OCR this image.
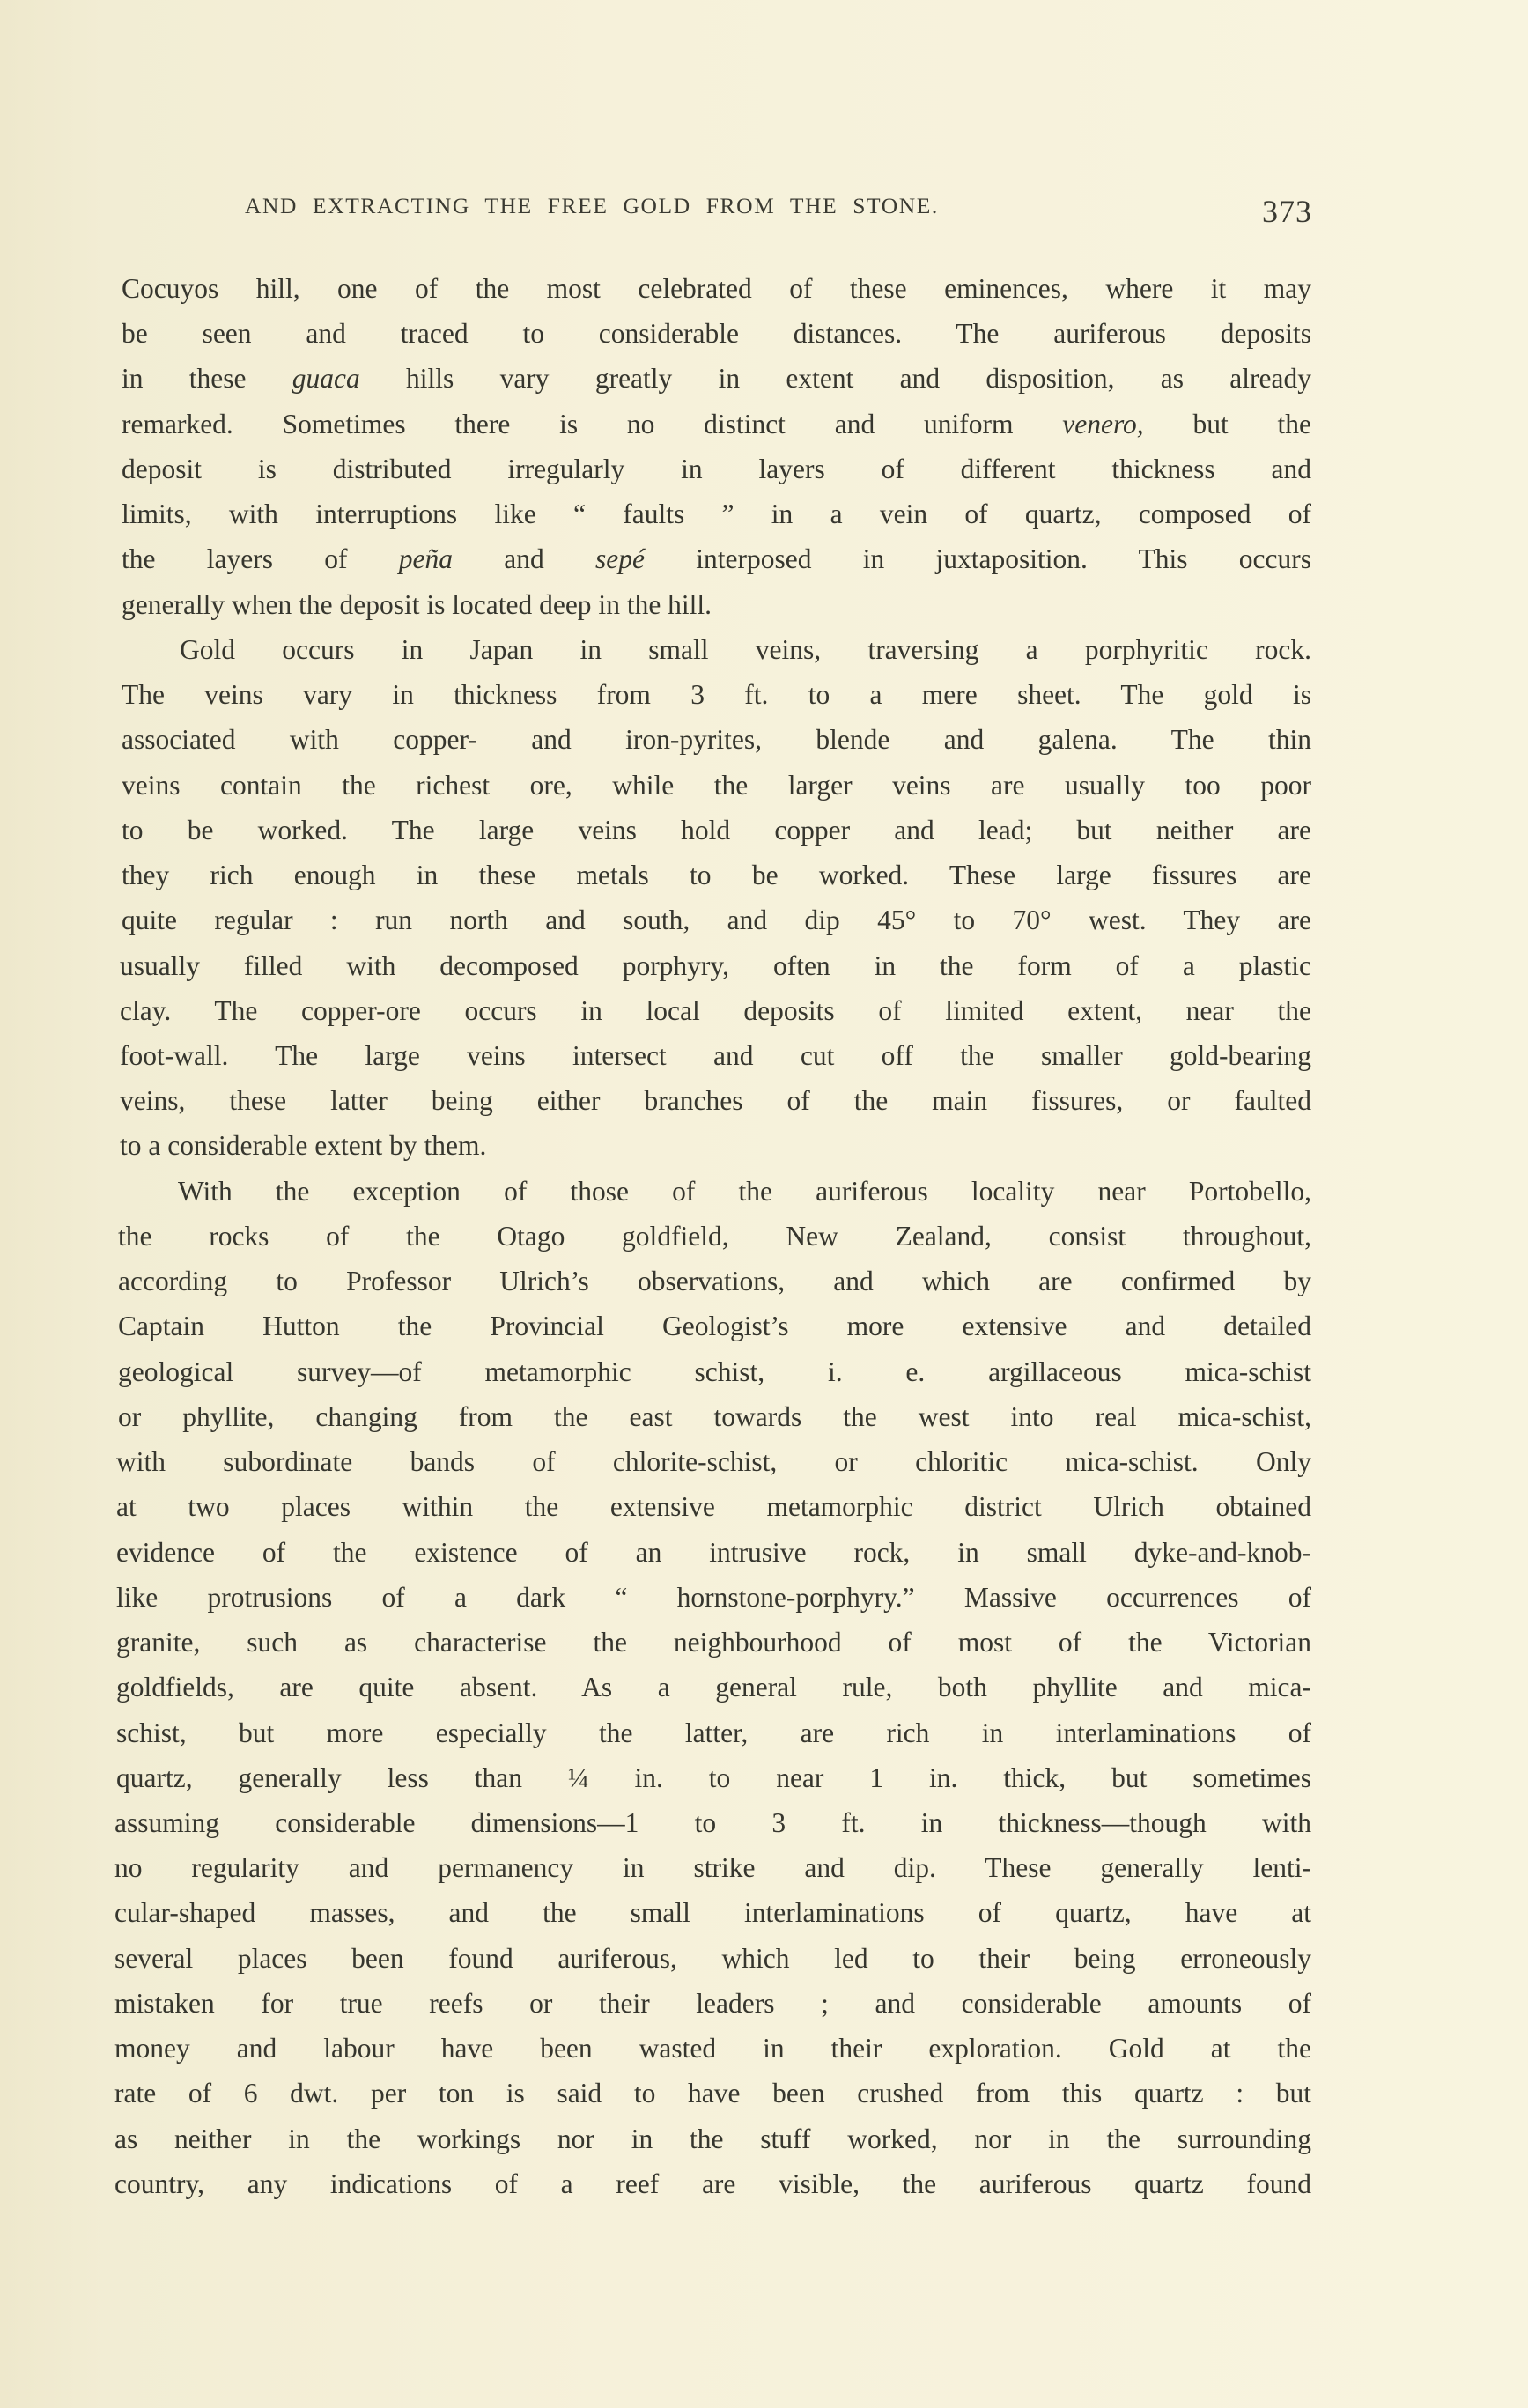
AND EXTRACTING THE FREE GOLD FROM THE STONE.	373
Cocuyos hill, one of the most celebrated of these eminences, where it may
be seen and traced to considerable distances. The auriferous deposits
in these guaca hills vary greatly in extent and disposition, as already
remarked. Sometimes there is no distinct and uniform venero, but the
deposit is distributed irregularly in layers of different thickness and
limits, with interruptions like “ faults ” in a vein of quartz, composed of
the layers of peña and sepé interposed in juxtaposition. This occurs
generally when the deposit is located deep in the hill.
Gold occurs in Japan in small veins, traversing a porphyritic rock.
The veins vary in thickness from 3 ft. to a mere sheet. The gold is
associated with copper- and iron-pyrites, blende and galena. The thin
veins contain the richest ore, while the larger veins are usually too poor
to be worked. The large veins hold copper and lead; but neither are
they rich enough in these metals to be worked. These large fissures are
quite regular : run north and south, and dip 45° to 70° west. They are
usually filled with decomposed porphyry, often in the form of a plastic
clay. The copper-ore occurs in local deposits of limited extent, near the
foot-wall. The large veins intersect and cut off the smaller gold-bearing
veins, these latter being either branches of the main fissures, or faulted
to a considerable extent by them.
With the exception of those of the auriferous locality near Portobello,
the rocks of the Otago goldfield, New Zealand, consist throughout,
according to Professor Ulrich’s observations, and which are confirmed by
Captain Hutton the Provincial Geologist’s more extensive and detailed
geological survey—of metamorphic schist, i. e. argillaceous mica-schist
or phyllite, changing from the east towards the west into real mica-schist,
with subordinate bands of chlorite-schist, or chloritic mica-schist. Only
at two places within the extensive metamorphic district Ulrich obtained
evidence of the existence of an intrusive rock, in small dyke-and-knob-
like protrusions of a dark “ hornstone-porphyry.” Massive occurrences of
granite, such as characterise the neighbourhood of most of the Victorian
goldfields, are quite absent. As a general rule, both phyllite and mica-
schist, but more especially the latter, are rich in interlaminations of
quartz, generally less than ¼ in. to near 1 in. thick, but sometimes
assuming considerable dimensions—1 to 3 ft. in thickness—though with
no regularity and permanency in strike and dip. These generally lenti-
cular-shaped masses, and the small interlaminations of quartz, have at
several places been found auriferous, which led to their being erroneously
mistaken for true reefs or their leaders ; and considerable amounts of
money and labour have been wasted in their exploration. Gold at the
rate of 6 dwt. per ton is said to have been crushed from this quartz : but
as neither in the workings nor in the stuff worked, nor in the surrounding
country, any indications of a reef are visible, the auriferous quartz found
